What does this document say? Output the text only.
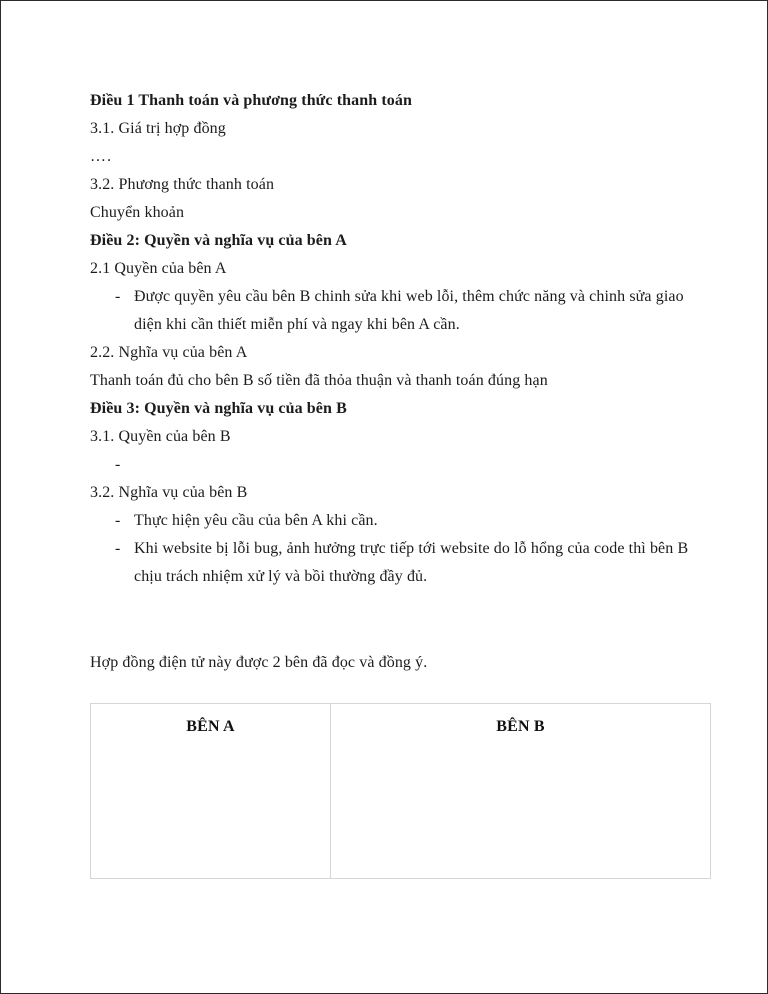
Điều 1 Thanh toán và phương thức thanh toán
3.1. Giá trị hợp đồng
….
3.2. Phương thức thanh toán
Chuyển khoản
Điều 2: Quyền và nghĩa vụ của bên A
2.1 Quyền của bên A
- Được quyền yêu cầu bên B chinh sửa khi web lỗi, thêm chức năng và chinh sửa giao diện khi cần thiết miễn phí và ngay khi bên A cần.
2.2. Nghĩa vụ của bên A
Thanh toán đủ cho bên B số tiền đã thỏa thuận và thanh toán đúng hạn
Điều 3: Quyền và nghĩa vụ của bên B
3.1. Quyền của bên B
-
3.2. Nghĩa vụ của bên B
- Thực hiện yêu cầu của bên A khi cần.
- Khi website bị lỗi bug, ảnh hưởng trực tiếp tới website do lỗ hổng của code thì bên B chịu trách nhiệm xử lý và bồi thường đầy đủ.
Hợp đồng điện tử này được 2 bên đã đọc và đồng ý.
BÊN A	BÊN B
